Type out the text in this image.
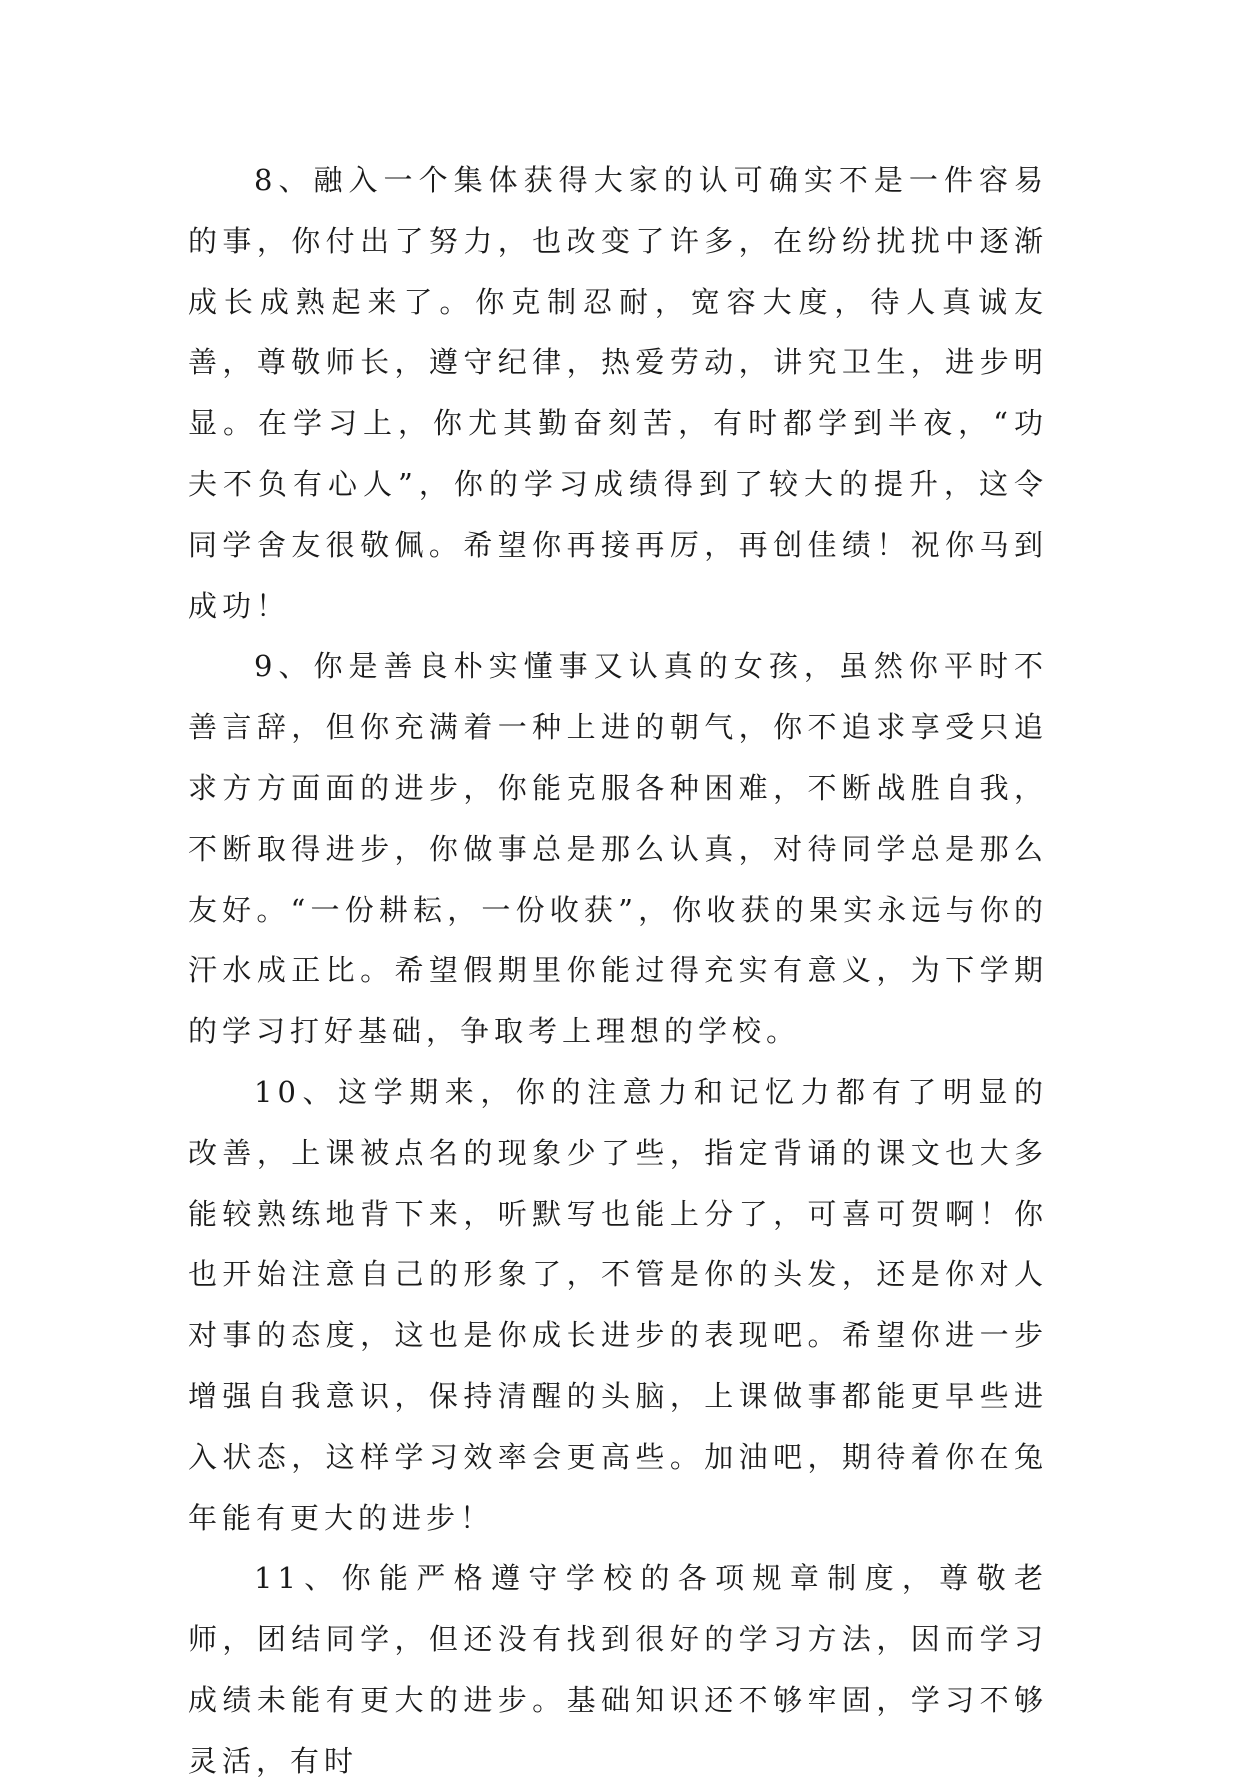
8、融入一个集体获得大家的认可确实不是一件容易的事，你付出了努力，也改变了许多，在纷纷扰扰中逐渐成长成熟起来了。你克制忍耐，宽容大度，待人真诚友善，尊敬师长，遵守纪律，热爱劳动，讲究卫生，进步明显。在学习上，你尤其勤奋刻苦，有时都学到半夜，“功夫不负有心人”，你的学习成绩得到了较大的提升，这令同学舍友很敬佩。希望你再接再厉，再创佳绩！祝你马到成功！

9、你是善良朴实懂事又认真的女孩，虽然你平时不善言辞，但你充满着一种上进的朝气，你不追求享受只追求方方面面的进步，你能克服各种困难，不断战胜自我，不断取得进步，你做事总是那么认真，对待同学总是那么友好。“一份耕耘，一份收获”，你收获的果实永远与你的汗水成正比。希望假期里你能过得充实有意义，为下学期的学习打好基础，争取考上理想的学校。

10、这学期来，你的注意力和记忆力都有了明显的改善，上课被点名的现象少了些，指定背诵的课文也大多能较熟练地背下来，听默写也能上分了，可喜可贺啊！你也开始注意自己的形象了，不管是你的头发，还是你对人对事的态度，这也是你成长进步的表现吧。希望你进一步增强自我意识，保持清醒的头脑，上课做事都能更早些进入状态，这样学习效率会更高些。加油吧，期待着你在兔年能有更大的进步！

11、你能严格遵守学校的各项规章制度，尊敬老师，团结同学，但还没有找到很好的学习方法，因而学习成绩未能有更大的进步。基础知识还不够牢固，学习不够灵活，有时
